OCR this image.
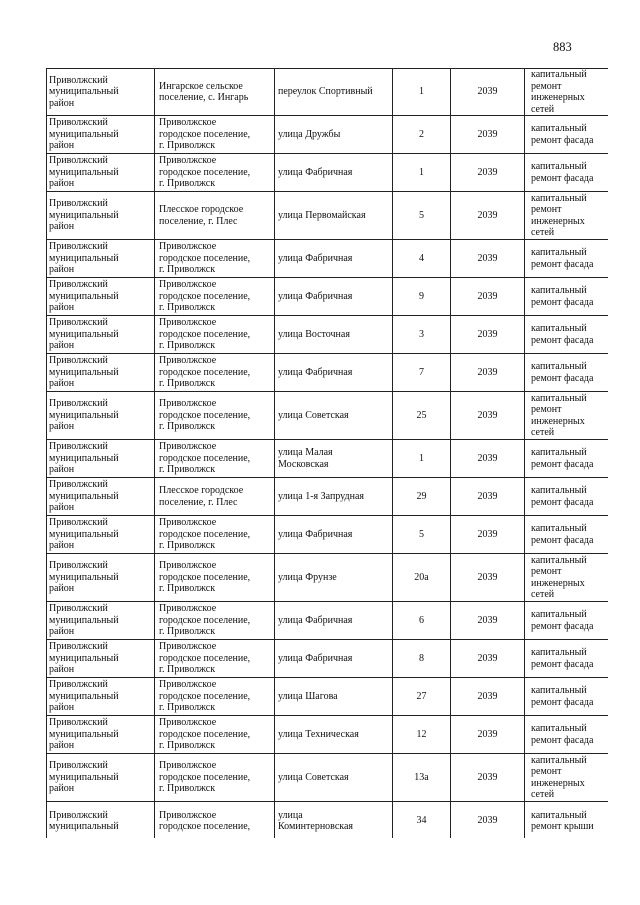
883
Приволжский
муниципальный
район	Ингарское сельское
поселение, с. Ингарь	переулок Спортивный	1	2039	капитальный
ремонт
инженерных
сетей

Приволжский
муниципальный
район	Приволжское
городское поселение,
г. Приволжск	улица Дружбы	2	2039	капитальный
ремонт фасада

Приволжский
муниципальный
район	Приволжское
городское поселение,
г. Приволжск	улица Фабричная	1	2039	капитальный
ремонт фасада

Приволжский
муниципальный
район	Плесское городское
поселение, г. Плес	улица Первомайская	5	2039	капитальный
ремонт
инженерных
сетей

Приволжский
муниципальный
район	Приволжское
городское поселение,
г. Приволжск	улица Фабричная	4	2039	капитальный
ремонт фасада

Приволжский
муниципальный
район	Приволжское
городское поселение,
г. Приволжск	улица Фабричная	9	2039	капитальный
ремонт фасада

Приволжский
муниципальный
район	Приволжское
городское поселение,
г. Приволжск	улица Восточная	3	2039	капитальный
ремонт фасада

Приволжский
муниципальный
район	Приволжское
городское поселение,
г. Приволжск	улица Фабричная	7	2039	капитальный
ремонт фасада

Приволжский
муниципальный
район	Приволжское
городское поселение,
г. Приволжск	улица Советская	25	2039	капитальный
ремонт
инженерных
сетей

Приволжский
муниципальный
район	Приволжское
городское поселение,
г. Приволжск	улица Малая
Московская	1	2039	капитальный
ремонт фасада

Приволжский
муниципальный
район	Плесское городское
поселение, г. Плес	улица 1-я Запрудная	29	2039	капитальный
ремонт фасада

Приволжский
муниципальный
район	Приволжское
городское поселение,
г. Приволжск	улица Фабричная	5	2039	капитальный
ремонт фасада

Приволжский
муниципальный
район	Приволжское
городское поселение,
г. Приволжск	улица Фрунзе	20а	2039	капитальный
ремонт
инженерных
сетей

Приволжский
муниципальный
район	Приволжское
городское поселение,
г. Приволжск	улица Фабричная	6	2039	капитальный
ремонт фасада

Приволжский
муниципальный
район	Приволжское
городское поселение,
г. Приволжск	улица Фабричная	8	2039	капитальный
ремонт фасада

Приволжский
муниципальный
район	Приволжское
городское поселение,
г. Приволжск	улица Шагова	27	2039	капитальный
ремонт фасада

Приволжский
муниципальный
район	Приволжское
городское поселение,
г. Приволжск	улица Техническая	12	2039	капитальный
ремонт фасада

Приволжский
муниципальный
район	Приволжское
городское поселение,
г. Приволжск	улица Советская	13а	2039	капитальный
ремонт
инженерных
сетей

Приволжский
муниципальный	Приволжское
городское поселение,	улица
Коминтерновская	34	2039	капитальный
ремонт крыши
